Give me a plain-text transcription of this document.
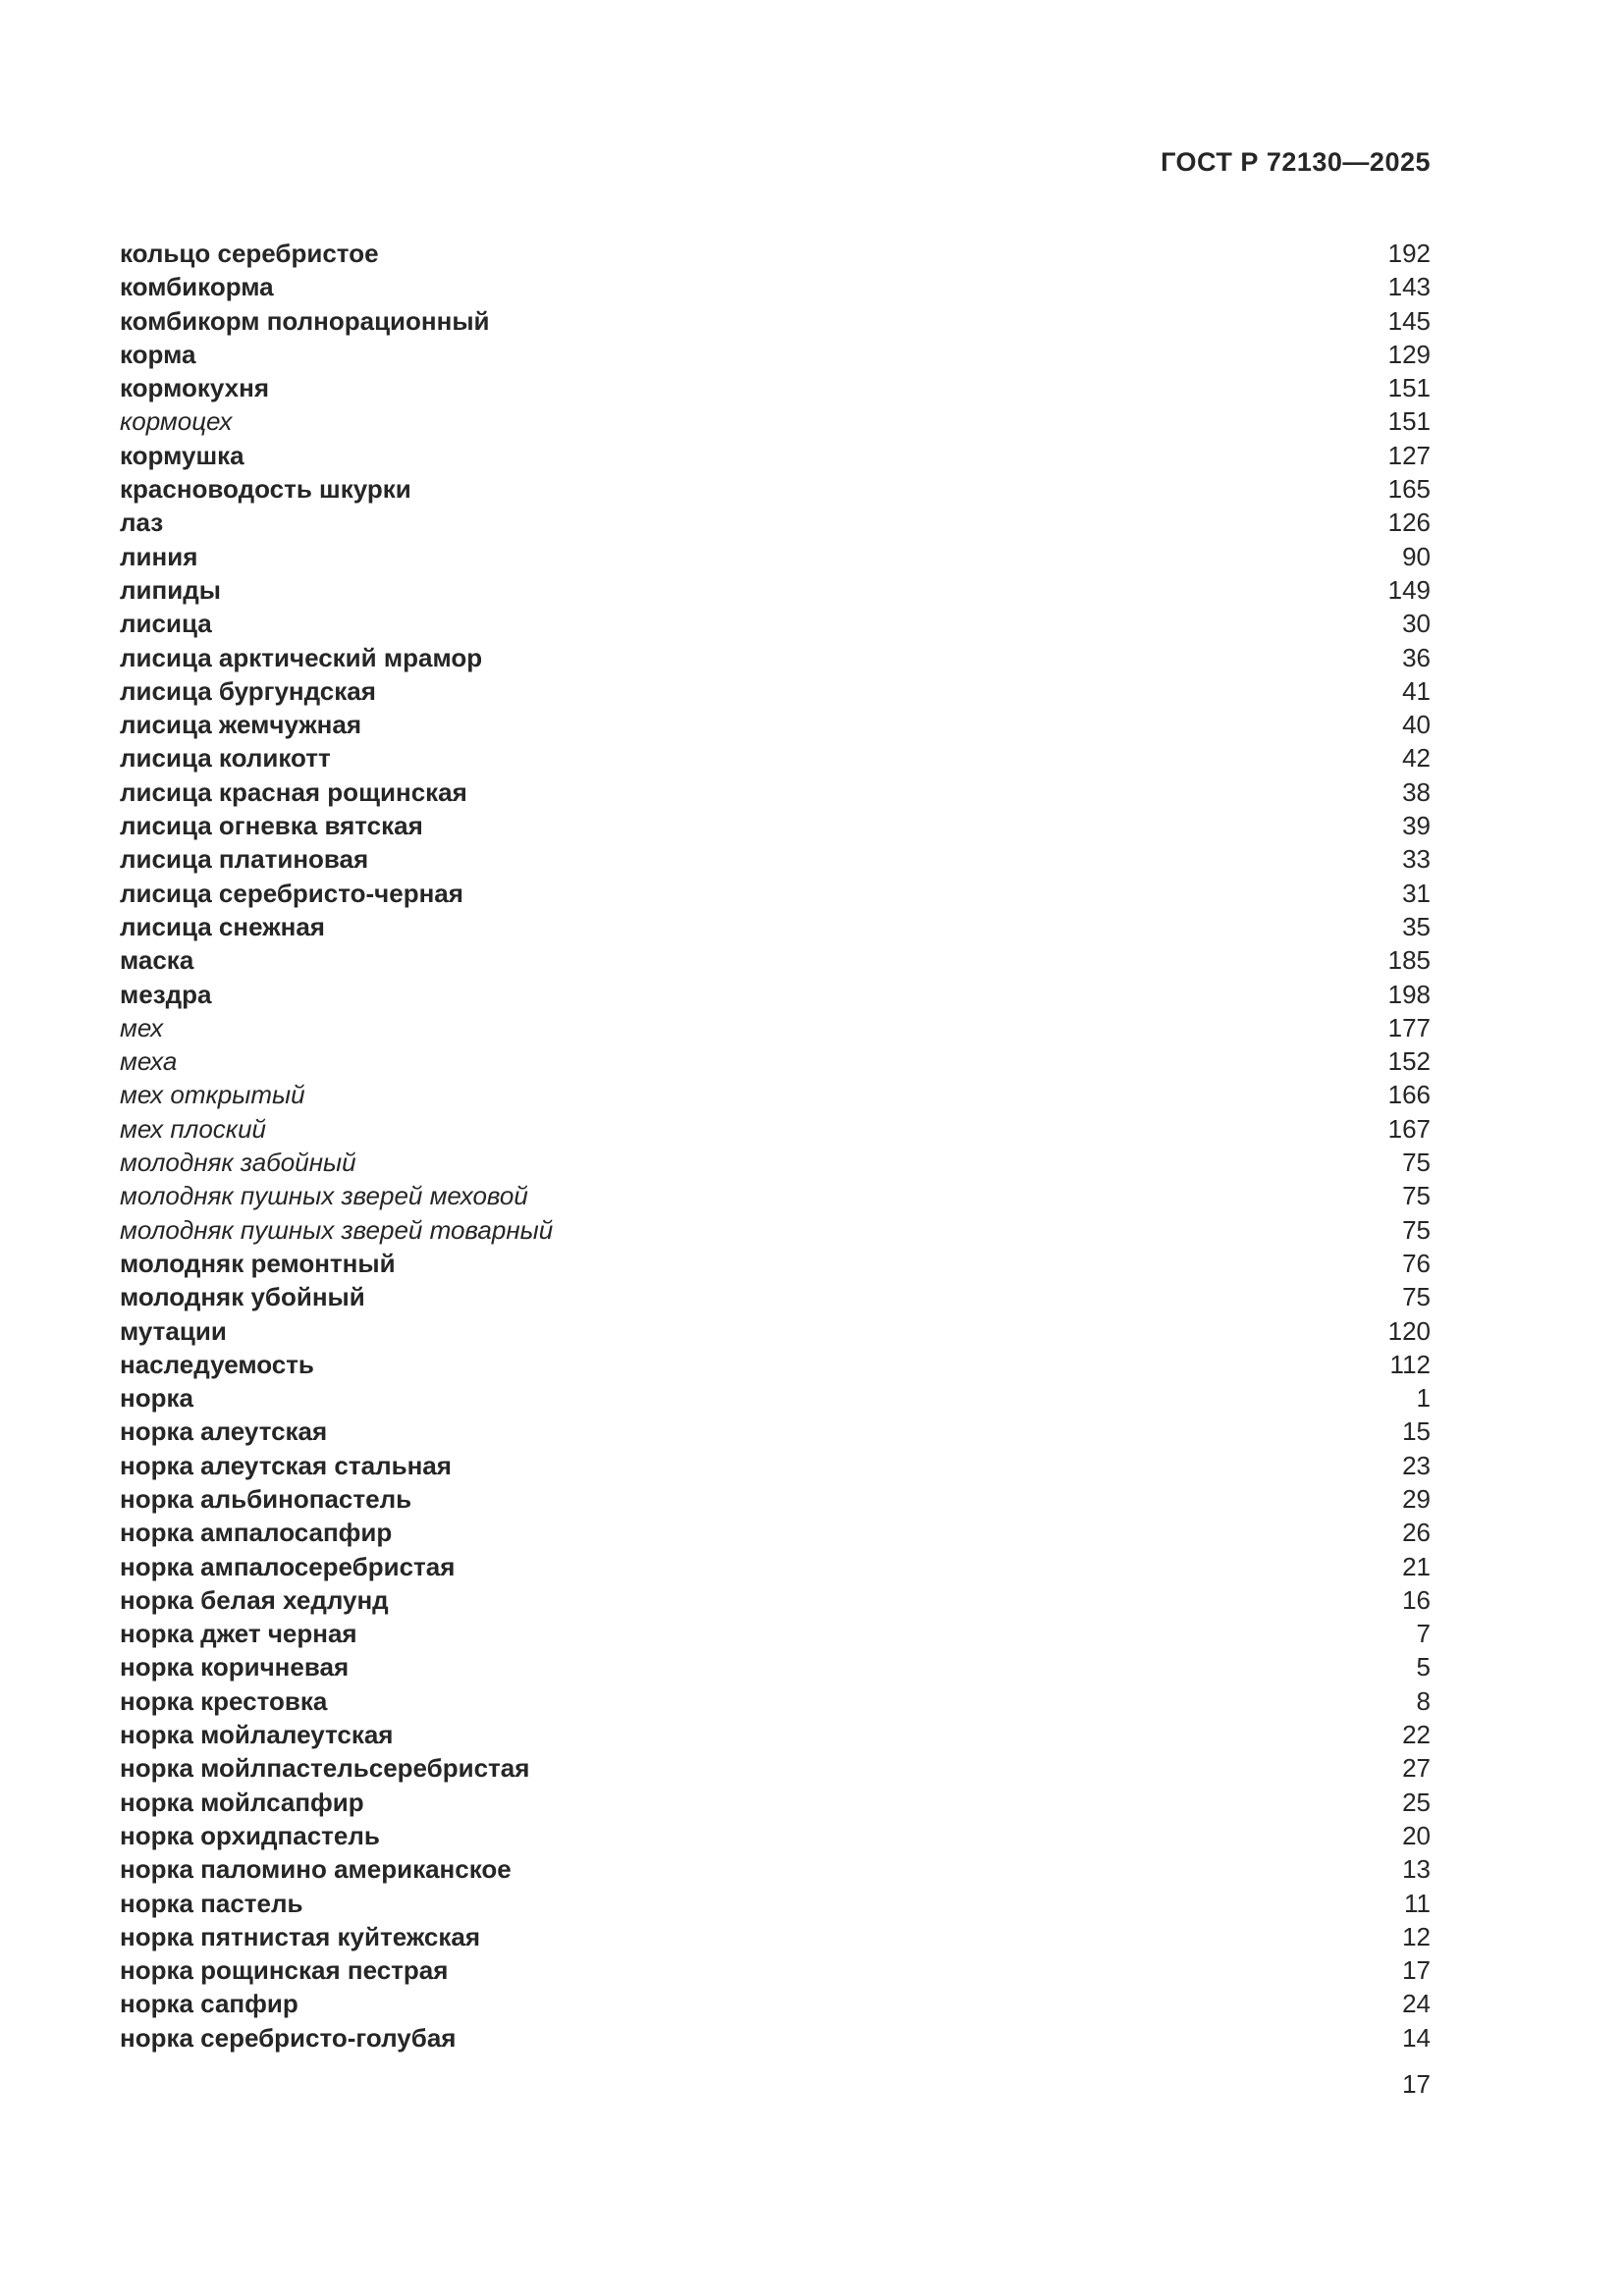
ГОСТ Р 72130—2025
кольцо серебристое	192
комбикорма	143
комбикорм полнорационный	145
корма	129
кормокухня	151
кормоцех	151
кормушка	127
красноводость шкурки	165
лаз	126
линия	90
липиды	149
лисица	30
лисица арктический мрамор	36
лисица бургундская	41
лисица жемчужная	40
лисица коликотт	42
лисица красная рощинская	38
лисица огневка вятская	39
лисица платиновая	33
лисица серебристо-черная	31
лисица снежная	35
маска	185
мездра	198
мех	177
меха	152
мех открытый	166
мех плоский	167
молодняк забойный	75
молодняк пушных зверей меховой	75
молодняк пушных зверей товарный	75
молодняк ремонтный	76
молодняк убойный	75
мутации	120
наследуемость	112
норка	1
норка алеутская	15
норка алеутская стальная	23
норка альбинопастель	29
норка ампалосапфир	26
норка ампалосеребристая	21
норка белая хедлунд	16
норка джет черная	7
норка коричневая	5
норка крестовка	8
норка мойлалеутская	22
норка мойлпастельсеребристая	27
норка мойлсапфир	25
норка орхидпастель	20
норка паломино американское	13
норка пастель	11
норка пятнистая куйтежская	12
норка рощинская пестрая	17
норка сапфир	24
норка серебристо-голубая	14
17
